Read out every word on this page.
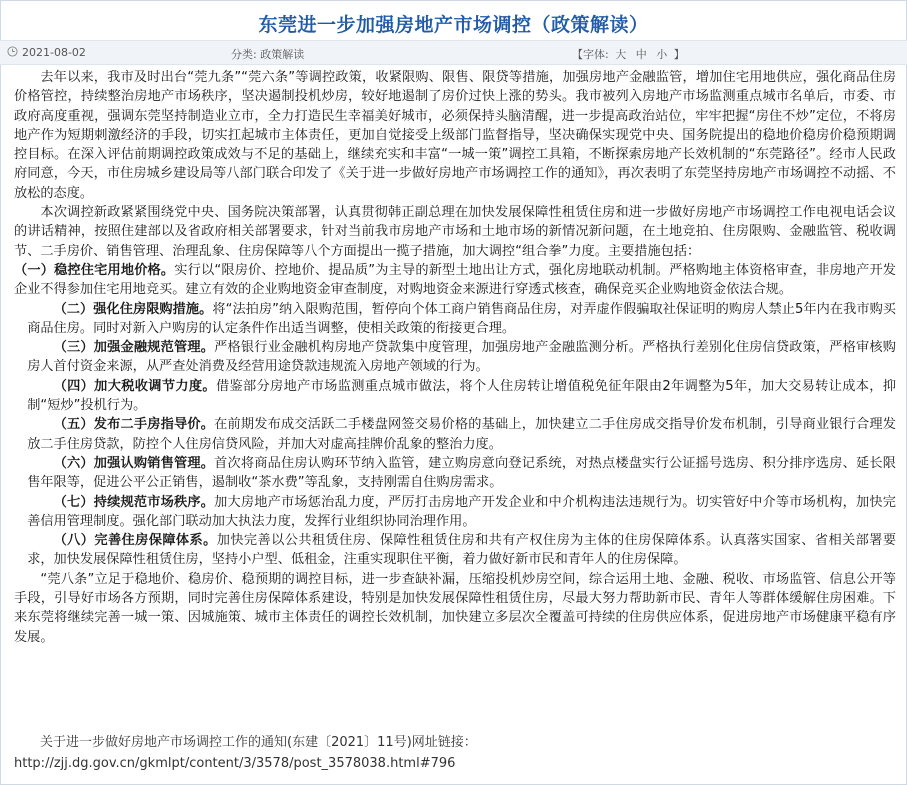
东莞进一步加强房地产市场调控（政策解读）
2021-08-02	分类: 政策解读	【字体: 大 中 小 】

去年以来，我市及时出台“莞九条”“莞六条”等调控政策，收紧限购、限售、限贷等措施，加强房地产金融监管，增加住宅用地供应，强化商品住房价格管控，持续整治房地产市场秩序，坚决遏制投机炒房，较好地遏制了房价过快上涨的势头。我市被列入房地产市场监测重点城市名单后，市委、市政府高度重视，强调东莞坚持制造业立市，全力打造民生幸福美好城市，必须保持头脑清醒，进一步提高政治站位，牢牢把握“房住不炒”定位，不将房地产作为短期刺激经济的手段，切实扛起城市主体责任，更加自觉接受上级部门监督指导，坚决确保实现党中央、国务院提出的稳地价稳房价稳预期调控目标。在深入评估前期调控政策成效与不足的基础上，继续充实和丰富“一城一策”调控工具箱，不断探索房地产长效机制的“东莞路径”。经市人民政府同意，今天，市住房城乡建设局等八部门联合印发了《关于进一步做好房地产市场调控工作的通知》，再次表明了东莞坚持房地产市场调控不动摇、不放松的态度。

本次调控新政紧紧围绕党中央、国务院决策部署，认真贯彻韩正副总理在加快发展保障性租赁住房和进一步做好房地产市场调控工作电视电话会议的讲话精神，按照住建部以及省政府相关部署要求，针对当前我市房地产市场和土地市场的新情况新问题，在土地竞拍、住房限购、金融监管、税收调节、二手房价、销售管理、治理乱象、住房保障等八个方面提出一揽子措施，加大调控“组合拳”力度。主要措施包括：

（一）稳控住宅用地价格。实行以“限房价、控地价、提品质”为主导的新型土地出让方式，强化房地联动机制。严格购地主体资格审查，非房地产开发企业不得参加住宅用地竞买。建立有效的企业购地资金审查制度，对购地资金来源进行穿透式核查，确保竞买企业购地资金依法合规。

（二）强化住房限购措施。将“法拍房”纳入限购范围，暂停向个体工商户销售商品住房，对弄虚作假骗取社保证明的购房人禁止5年内在我市购买商品住房。同时对新入户购房的认定条件作出适当调整，使相关政策的衔接更合理。

（三）加强金融规范管理。严格银行业金融机构房地产贷款集中度管理，加强房地产金融监测分析。严格执行差别化住房信贷政策，严格审核购房人首付资金来源，从严查处消费及经营用途贷款违规流入房地产领域的行为。

（四）加大税收调节力度。借鉴部分房地产市场监测重点城市做法，将个人住房转让增值税免征年限由2年调整为5年，加大交易转让成本，抑制“短炒”投机行为。

（五）发布二手房指导价。在前期发布成交活跃二手楼盘网签交易价格的基础上，加快建立二手住房成交指导价发布机制，引导商业银行合理发放二手住房贷款，防控个人住房信贷风险，并加大对虚高挂牌价乱象的整治力度。

（六）加强认购销售管理。首次将商品住房认购环节纳入监管，建立购房意向登记系统，对热点楼盘实行公证摇号选房、积分排序选房、延长限售年限等，促进公平公正销售，遏制收“茶水费”等乱象，支持刚需自住购房需求。

（七）持续规范市场秩序。加大房地产市场惩治乱力度，严厉打击房地产开发企业和中介机构违法违规行为。切实管好中介等市场机构，加快完善信用管理制度。强化部门联动加大执法力度，发挥行业组织协同治理作用。

（八）完善住房保障体系。加快完善以公共租赁住房、保障性租赁住房和共有产权住房为主体的住房保障体系。认真落实国家、省相关部署要求，加快发展保障性租赁住房，坚持小户型、低租金，注重实现职住平衡，着力做好新市民和青年人的住房保障。

“莞八条”立足于稳地价、稳房价、稳预期的调控目标，进一步查缺补漏，压缩投机炒房空间，综合运用土地、金融、税收、市场监管、信息公开等手段，引导好市场各方预期，同时完善住房保障体系建设，特别是加快发展保障性租赁住房，尽最大努力帮助新市民、青年人等群体缓解住房困难。下来东莞将继续完善一城一策、因城施策、城市主体责任的调控长效机制，加快建立多层次全覆盖可持续的住房供应体系，促进房地产市场健康平稳有序发展。

关于进一步做好房地产市场调控工作的通知(东建〔2021〕11号)网址链接：
http://zjj.dg.gov.cn/gkmlpt/content/3/3578/post_3578038.html#796
